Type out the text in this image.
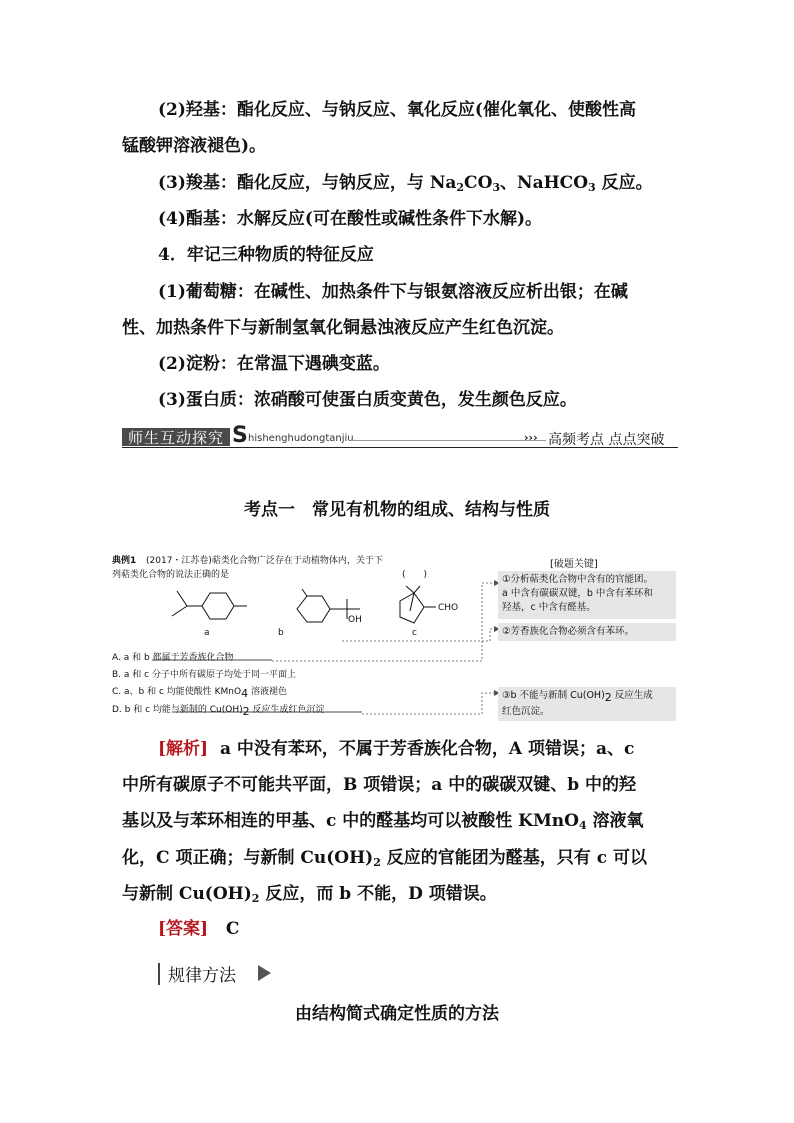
(2)羟基：酯化反应、与钠反应、氧化反应(催化氧化、使酸性高
锰酸钾溶液褪色)。
(3)羧基：酯化反应，与钠反应，与 $Na_2CO_3$、NaHCO$_3$ 反应。
(4)酯基：水解反应(可在酸性或碱性条件下水解)。
4．牢记三种物质的特征反应
(1)葡萄糖：在碱性、加热条件下与银氨溶液反应析出银；在碱
性、加热条件下与新制氢氧化铜悬浊液反应产生红色沉淀。
(2)淀粉：在常温下遇碘变蓝。
(3)蛋白质：浓硝酸可使蛋白质变黄色，发生颜色反应。
师生互动探究 S hishenghudongtanjiu	››› 高频考点 点点突破
考点一　常见有机物的组成、结构与性质
典例1 (2017・江苏卷)萜类化合物广泛存在于动植物体内，关于下
列萜类化合物的说法正确的是	(　　)
a	b
OH
CHO
c
A. a 和 b 都属于芳香族化合物
B. a 和 c 分子中所有碳原子均处于同一平面上
C. a、b 和 c 均能使酸性 KMnO$_4$ 溶液褪色
D. b 和 c 均能与新制的 $Cu(OH)_2$ 反应生成红色沉淀
[破题关键]
①分析萜类化合物中含有的官能团。
a 中含有碳碳双键，b 中含有苯环和
羟基，c 中含有醛基。
②芳香族化合物必须含有苯环。
③b 不能与新制 $Cu(OH)_2$ 反应生成
红色沉淀。
[解析] a 中没有苯环，不属于芳香族化合物，A 项错误；a、c
中所有碳原子不可能共平面，B 项错误；a 中的碳碳双键、b 中的羟
基以及与苯环相连的甲基、c 中的醛基均可以被酸性 KMnO$_4$ 溶液氧
化，C 项正确；与新制 $Cu(OH)_2$ 反应的官能团为醛基，只有 c 可以
与新制 $Cu(OH)_2$ 反应，而 b 不能，D 项错误。
[答案] C
规律方法
由结构简式确定性质的方法
